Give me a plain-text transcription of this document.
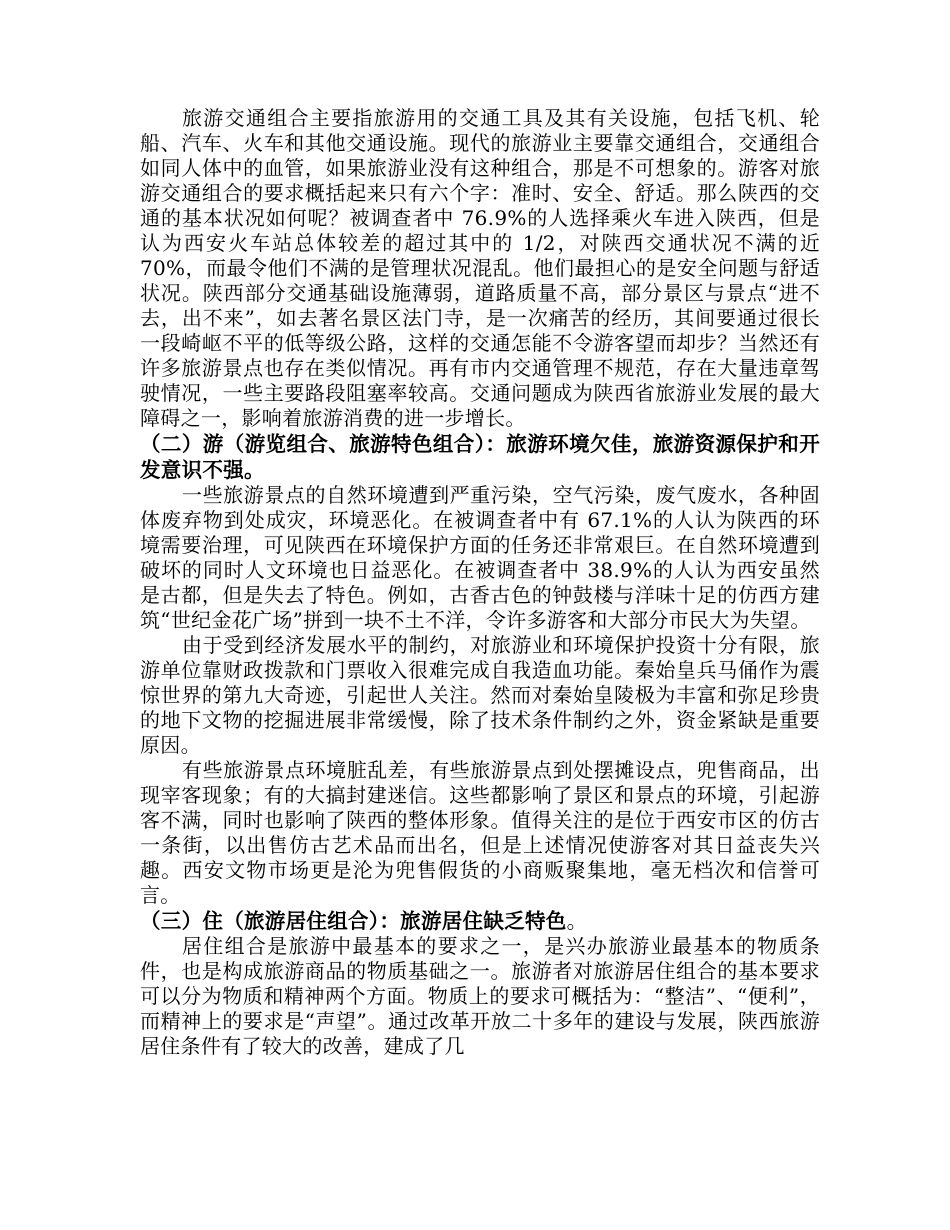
旅游交通组合主要指旅游用的交通工具及其有关设施，包括飞机、轮船、汽车、火车和其他交通设施。现代的旅游业主要靠交通组合，交通组合如同人体中的血管，如果旅游业没有这种组合，那是不可想象的。游客对旅游交通组合的要求概括起来只有六个字：准时、安全、舒适。那么陕西的交通的基本状况如何呢？被调查者中 76.9%的人选择乘火车进入陕西，但是认为西安火车站总体较差的超过其中的 1/2，对陕西交通状况不满的近 70%，而最令他们不满的是管理状况混乱。他们最担心的是安全问题与舒适状况。陕西部分交通基础设施薄弱，道路质量不高，部分景区与景点“进不去，出不来”，如去著名景区法门寺，是一次痛苦的经历，其间要通过很长一段崎岖不平的低等级公路，这样的交通怎能不令游客望而却步？当然还有许多旅游景点也存在类似情况。再有市内交通管理不规范，存在大量违章驾驶情况，一些主要路段阻塞率较高。交通问题成为陕西省旅游业发展的最大障碍之一，影响着旅游消费的进一步增长。

（二）游（游览组合、旅游特色组合）：旅游环境欠佳，旅游资源保护和开发意识不强。

一些旅游景点的自然环境遭到严重污染，空气污染，废气废水，各种固体废弃物到处成灾，环境恶化。在被调查者中有 67.1%的人认为陕西的环境需要治理，可见陕西在环境保护方面的任务还非常艰巨。在自然环境遭到破坏的同时人文环境也日益恶化。在被调查者中 38.9%的人认为西安虽然是古都，但是失去了特色。例如，古香古色的钟鼓楼与洋味十足的仿西方建筑“世纪金花广场”拼到一块不土不洋，令许多游客和大部分市民大为失望。

由于受到经济发展水平的制约，对旅游业和环境保护投资十分有限，旅游单位靠财政拨款和门票收入很难完成自我造血功能。秦始皇兵马俑作为震惊世界的第九大奇迹，引起世人关注。然而对秦始皇陵极为丰富和弥足珍贵的地下文物的挖掘进展非常缓慢，除了技术条件制约之外，资金紧缺是重要原因。

有些旅游景点环境脏乱差，有些旅游景点到处摆摊设点，兜售商品，出现宰客现象；有的大搞封建迷信。这些都影响了景区和景点的环境，引起游客不满，同时也影响了陕西的整体形象。值得关注的是位于西安市区的仿古一条街，以出售仿古艺术品而出名，但是上述情况使游客对其日益丧失兴趣。西安文物市场更是沦为兜售假货的小商贩聚集地，毫无档次和信誉可言。

（三）住（旅游居住组合）：旅游居住缺乏特色。

居住组合是旅游中最基本的要求之一，是兴办旅游业最基本的物质条件，也是构成旅游商品的物质基础之一。旅游者对旅游居住组合的基本要求可以分为物质和精神两个方面。物质上的要求可概括为：“整洁”、“便利”，而精神上的要求是“声望”。通过改革开放二十多年的建设与发展，陕西旅游居住条件有了较大的改善，建成了几
